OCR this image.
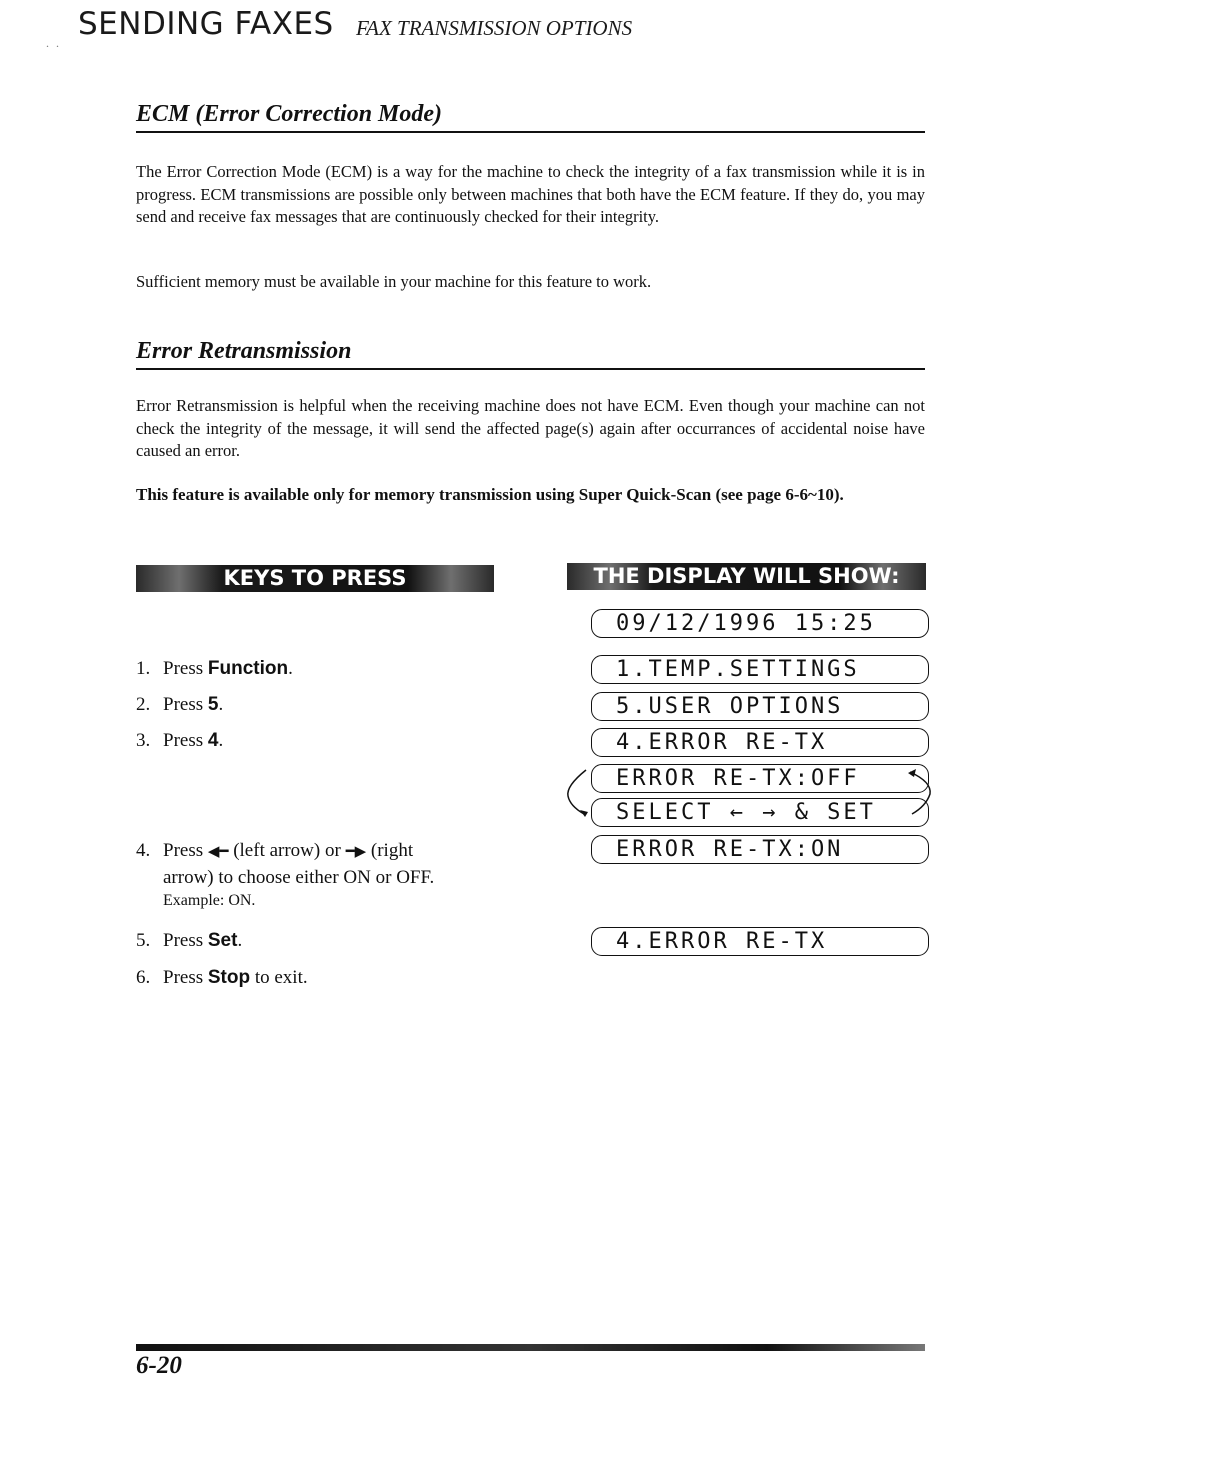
. .
SENDING FAXES FAX TRANSMISSION OPTIONS
ECM (Error Correction Mode)
The Error Correction Mode (ECM) is a way for the machine to check the integrity of a fax transmission while it is in progress. ECM transmissions are possible only between machines that both have the ECM feature. If they do, you may send and receive fax messages that are continuously checked for their integrity.
Sufficient memory must be available in your machine for this feature to work.
Error Retransmission
Error Retransmission is helpful when the receiving machine does not have ECM. Even though your machine can not check the integrity of the message, it will send the affected page(s) again after occurrances of accidental noise have caused an error.
This feature is available only for memory transmission using Super Quick-Scan (see page 6-6~10).
KEYS TO PRESS	THE DISPLAY WILL SHOW:
1. Press Function.
2. Press 5.
3. Press 4.
4. Press ◀━ (left arrow) or ━▶ (right
arrow) to choose either ON or OFF.
Example: ON.
5. Press Set.
6. Press Stop to exit.
09/12/1996 15:25
1.TEMP.SETTINGS
5.USER OPTIONS
4.ERROR RE-TX
ERROR RE-TX:OFF
SELECT ← → & SET
ERROR RE-TX:ON
4.ERROR RE-TX
6-20
